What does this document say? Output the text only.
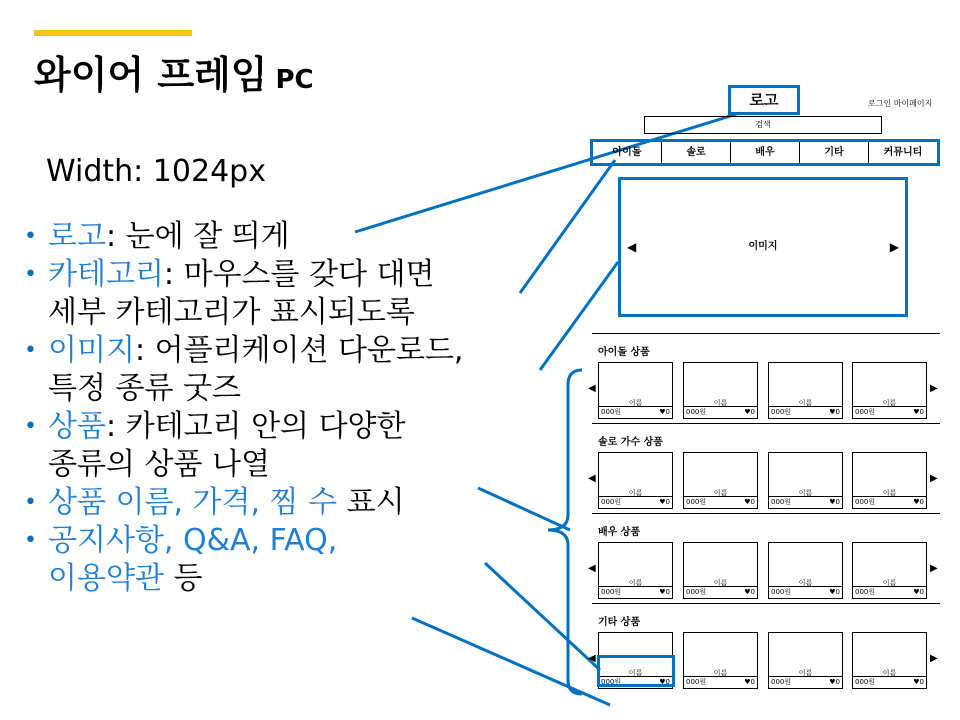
와이어 프레임 PC
Width: 1024px
• 로고: 눈에 잘 띄게
• 카테고리: 마우스를 갖다 대면
세부 카테고리가 표시되도록
• 이미지: 어플리케이션 다운로드,
특정 종류 굿즈
• 상품: 카테고리 안의 다양한
종류의 상품 나열
• 상품 이름, 가격, 찜 수 표시
• 공지사항, Q&A, FAQ,
이용약관 등
로고	로그인 마이페이지
검색
아이돌	솔로	배우	기타	커뮤니티
◀	이미지	▶
아이돌 상품
◀	▶
이름
000원	♥0
이름
000원	♥0
이름
000원	♥0
이름
000원	♥0
솔로 가수 상품
◀	▶
이름
000원	♥0
이름
000원	♥0
이름
000원	♥0
이름
000원	♥0
배우 상품
◀	▶
이름
000원	♥0
이름
000원	♥0
이름
000원	♥0
이름
000원	♥0
기타 상품
◀	▶
이름
000원	♥0
이름
000원	♥0
이름
000원	♥0
이름
000원	♥0
